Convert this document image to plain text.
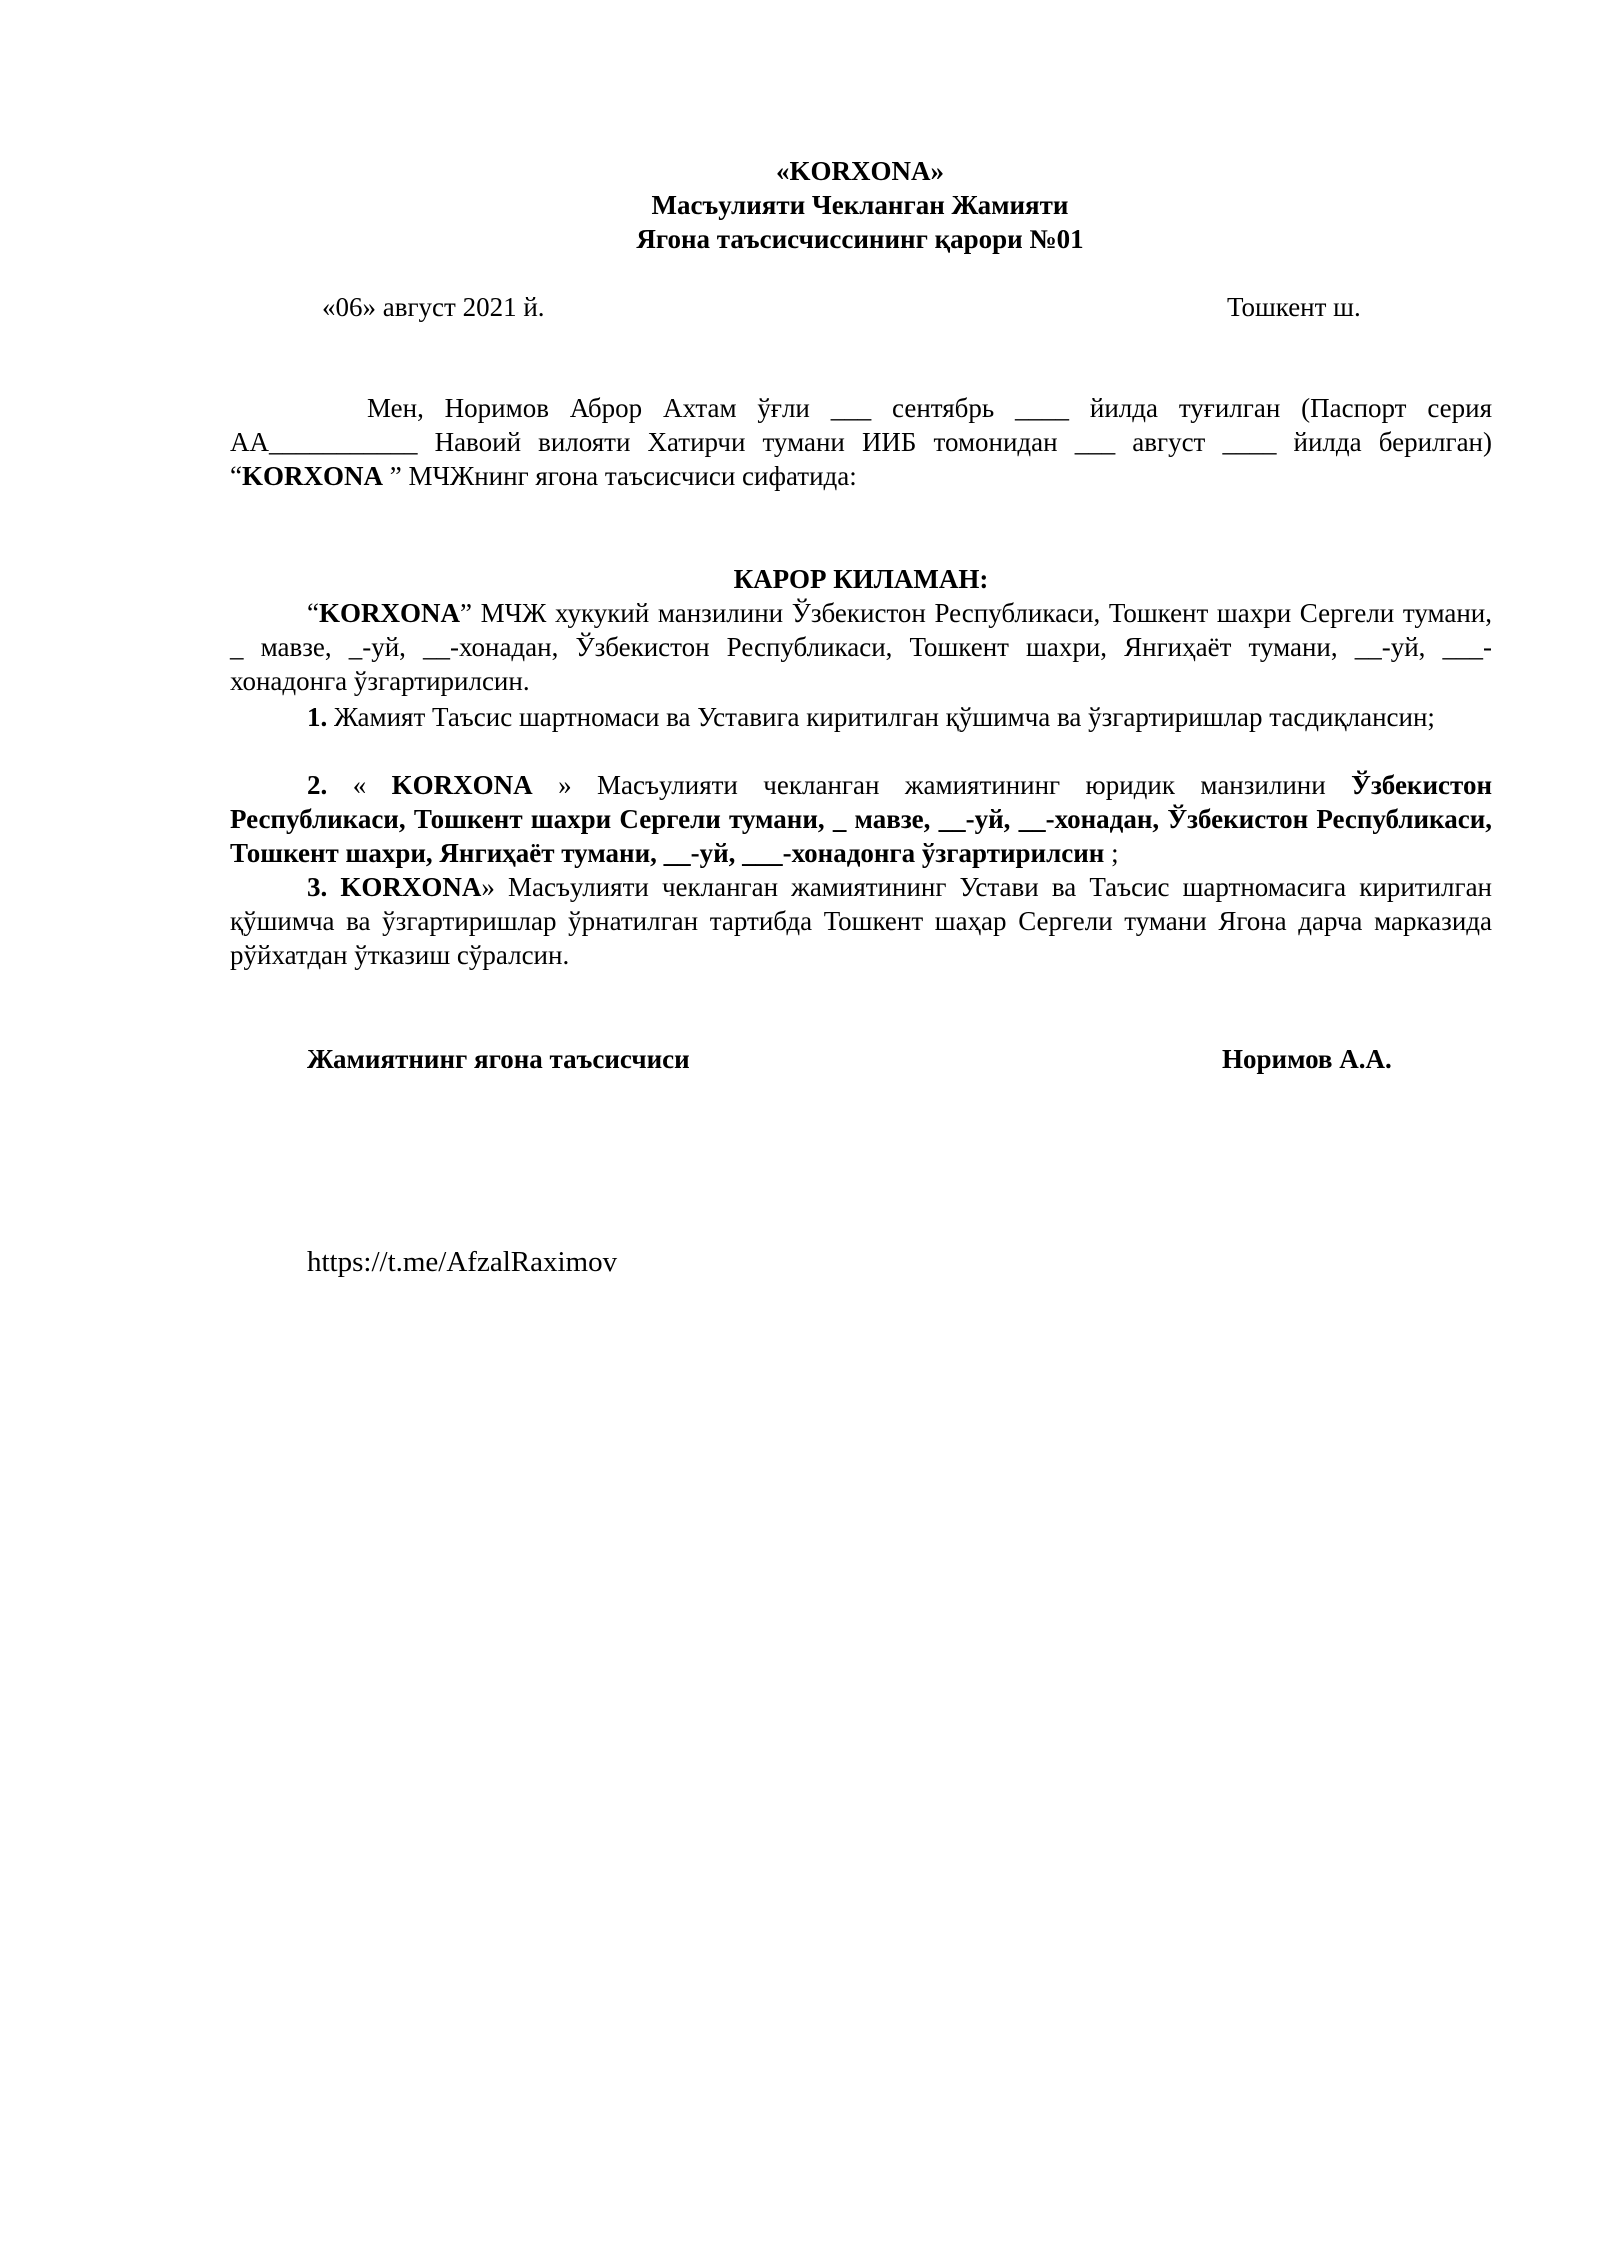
«KORXONA»
Масъулияти Чекланган Жамияти
Ягона таъсисчиссининг қарори №01
«06» август 2021 й.	Тошкент ш.
Мен, Норимов Аброр Ахтам ўғли ___ сентябрь ____ йилда туғилган (Паспорт серия АА___________ Навоий вилояти Хатирчи тумани ИИБ томонидан ___ август ____ йилда берилган) “KORXONA ” МЧЖнинг ягона таъсисчиси сифатида:
КАРОР КИЛАМАН:
“KORXONA” МЧЖ хукукий манзилини Ўзбекистон Республикаси, Тошкент шахри Сергели тумани, _ мавзе, _-уй, __-хонадан, Ўзбекистон Республикаси, Тошкент шахри, Янгиҳаёт тумани, __-уй, ___-хонадонга ўзгартирилсин.
1. Жамият Таъсис шартномаси ва Уставига киритилган қўшимча ва ўзгартиришлар тасдиқлансин;
2. « KORXONA » Масъулияти чекланган жамиятининг юридик манзилини Ўзбекистон Республикаси, Тошкент шахри Сергели тумани, _ мавзе, __-уй, __-хонадан, Ўзбекистон Республикаси, Тошкент шахри, Янгиҳаёт тумани, __-уй, ___-хонадонга ўзгартирилсин ;
3. KORXONA» Масъулияти чекланган жамиятининг Устави ва Таъсис шартномасига киритилган қўшимча ва ўзгартиришлар ўрнатилган тартибда Тошкент шаҳар Сергели тумани Ягона дарча марказида рўйхатдан ўтказиш сўралсин.
Жамиятнинг ягона таъсисчиси	Норимов А.А.
https://t.me/AfzalRaximov
